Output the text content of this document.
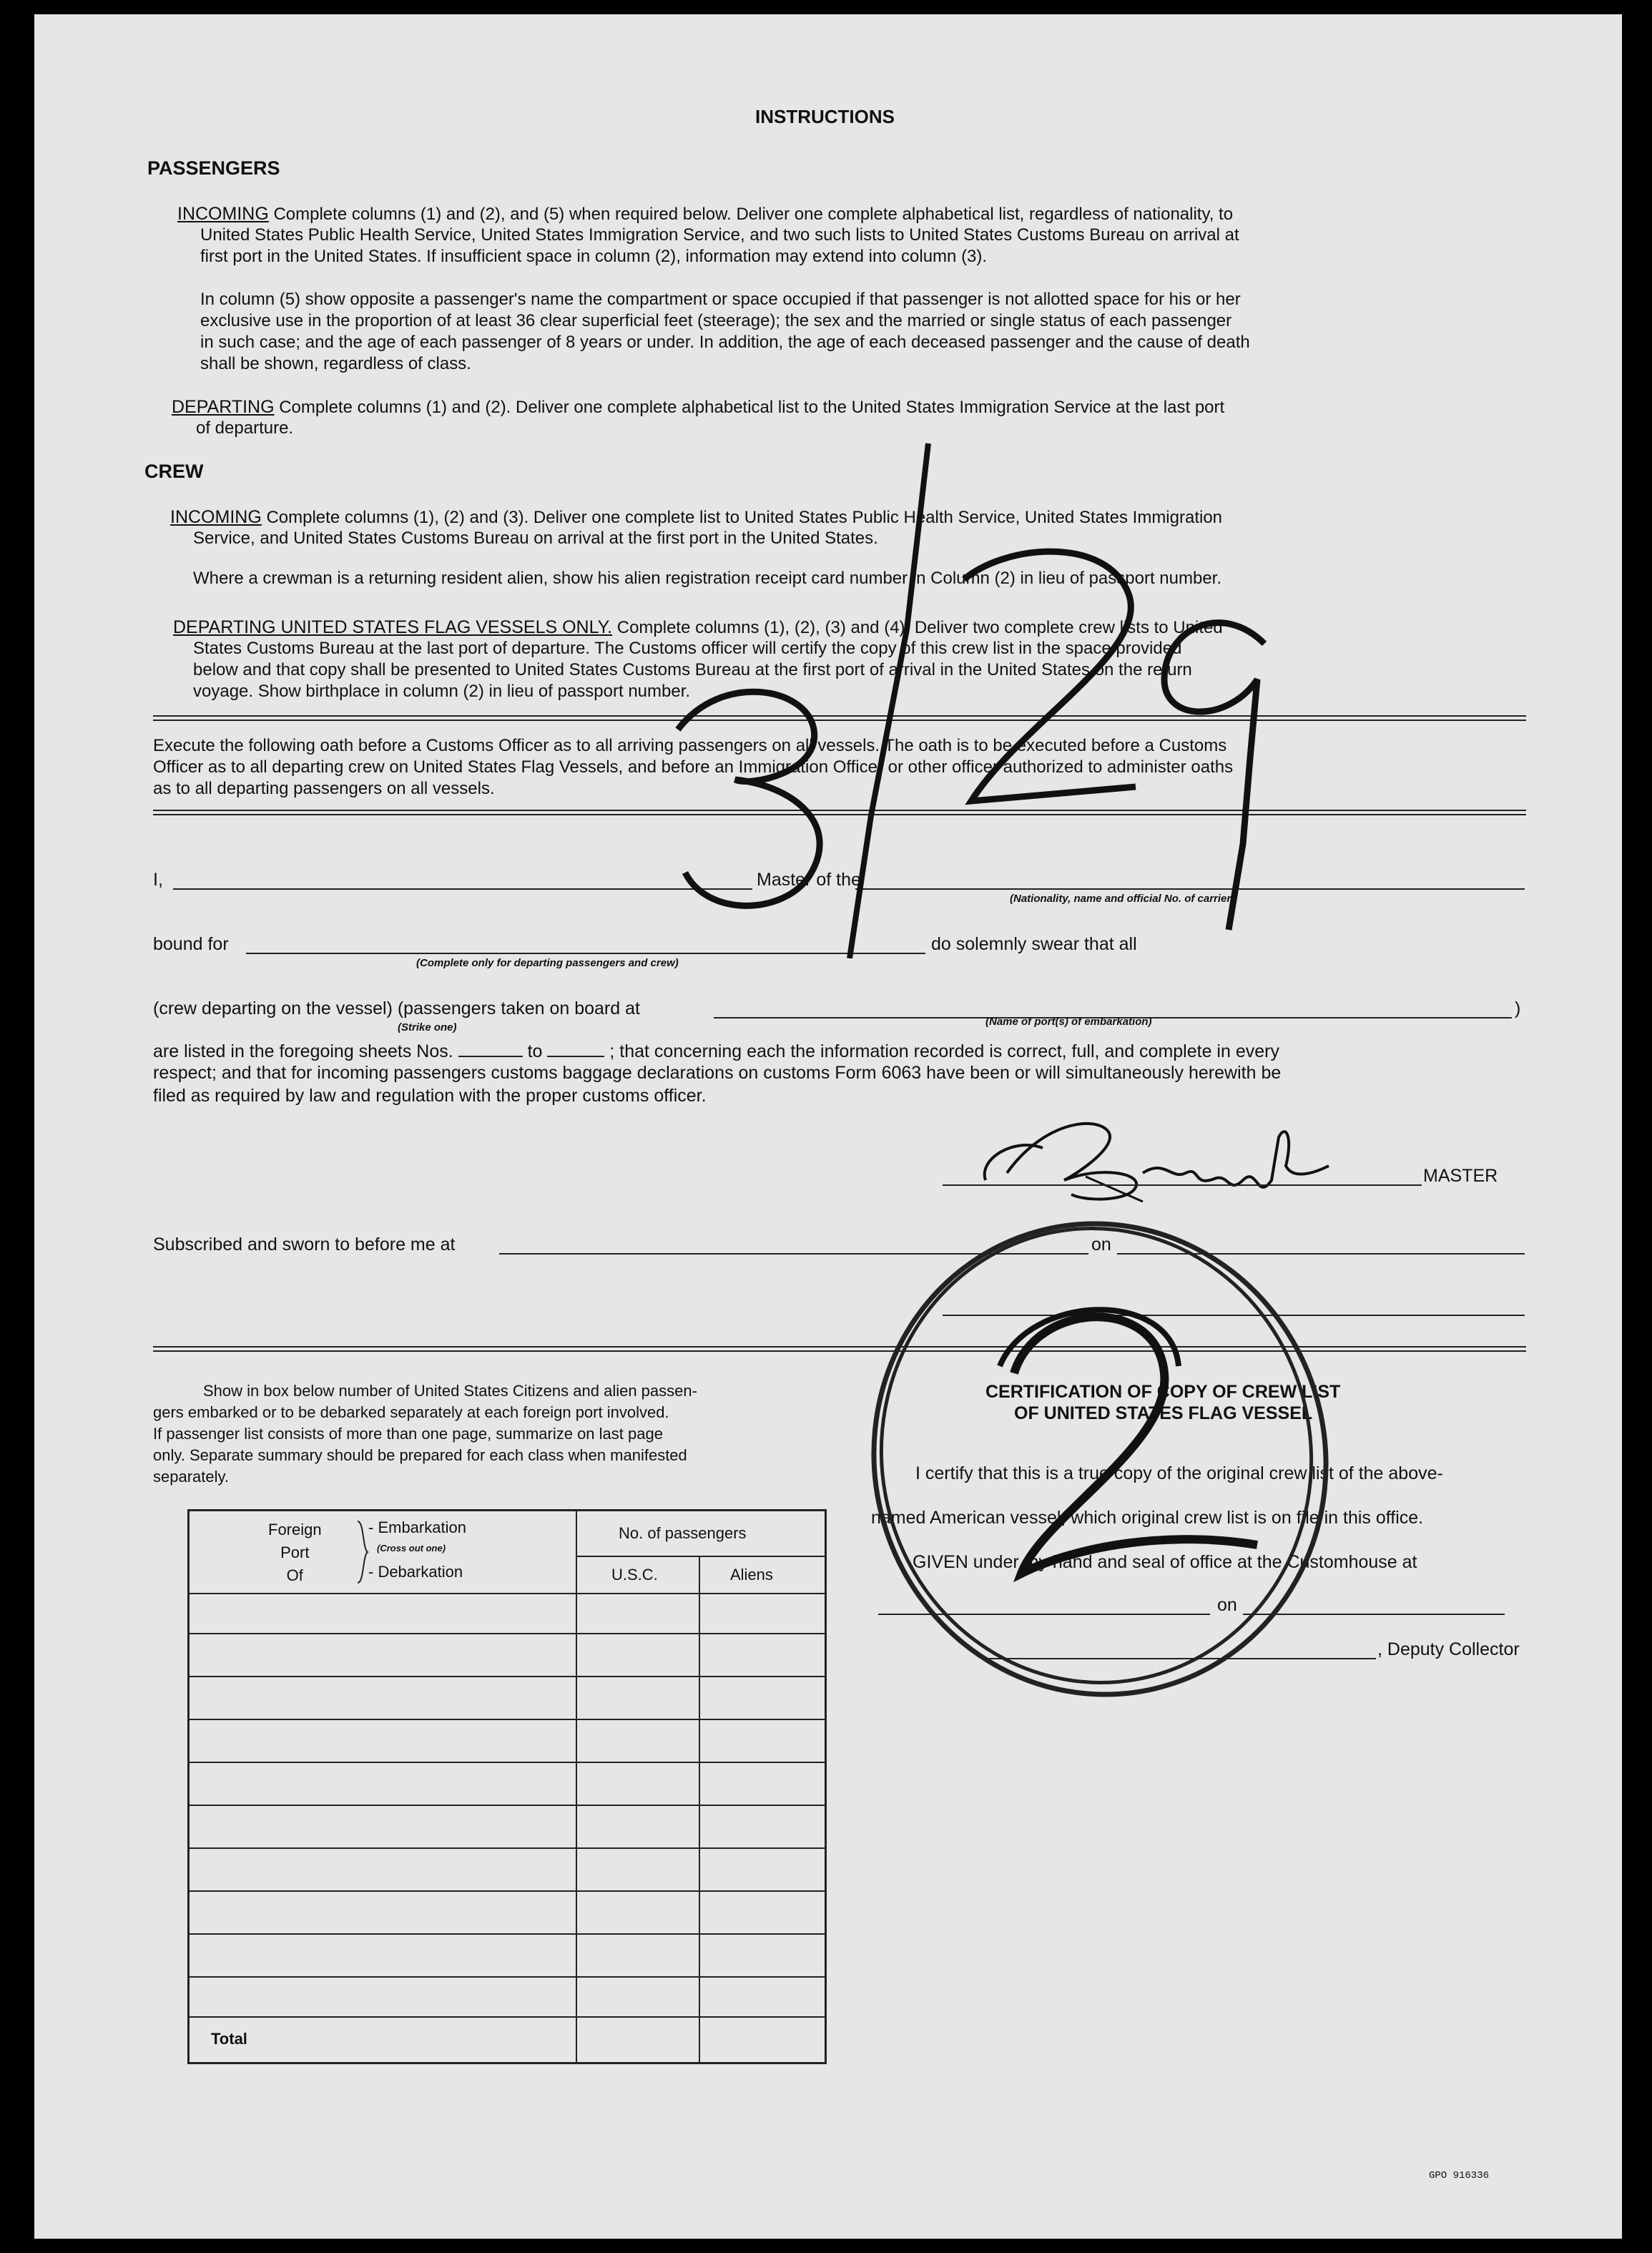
INSTRUCTIONS
PASSENGERS
INCOMING Complete columns (1) and (2), and (5) when required below. Deliver one complete alphabetical list, regardless of nationality, to
United States Public Health Service, United States Immigration Service, and two such lists to United States Customs Bureau on arrival at
first port in the United States. If insufficient space in column (2), information may extend into column (3).
In column (5) show opposite a passenger's name the compartment or space occupied if that passenger is not allotted space for his or her
exclusive use in the proportion of at least 36 clear superficial feet (steerage); the sex and the married or single status of each passenger
in such case; and the age of each passenger of 8 years or under. In addition, the age of each deceased passenger and the cause of death
shall be shown, regardless of class.
DEPARTING Complete columns (1) and (2). Deliver one complete alphabetical list to the United States Immigration Service at the last port
of departure.
CREW
INCOMING Complete columns (1), (2) and (3). Deliver one complete list to United States Public Health Service, United States Immigration
Service, and United States Customs Bureau on arrival at the first port in the United States.
Where a crewman is a returning resident alien, show his alien registration receipt card number in Column (2) in lieu of passport number.
DEPARTING UNITED STATES FLAG VESSELS ONLY. Complete columns (1), (2), (3) and (4). Deliver two complete crew lists to United
States Customs Bureau at the last port of departure. The Customs officer will certify the copy of this crew list in the space provided
below and that copy shall be presented to United States Customs Bureau at the first port of arrival in the United States on the return
voyage. Show birthplace in column (2) in lieu of passport number.
Execute the following oath before a Customs Officer as to all arriving passengers on all vessels. The oath is to be executed before a Customs
Officer as to all departing crew on United States Flag Vessels, and before an Immigration Officer or other officer authorized to administer oaths
as to all departing passengers on all vessels.
I,	Master of the
(Nationality, name and official No. of carrier)
bound for
(Complete only for departing passengers and crew)
do solemnly swear that all
(crew departing on the vessel) (passengers taken on board at	)
(Strike one)	(Name of port(s) of embarkation)
are listed in the foregoing sheets Nos.	to	; that concerning each the information recorded is correct, full, and complete in every
respect; and that for incoming passengers customs baggage declarations on customs Form 6063 have been or will simultaneously herewith be
filed as required by law and regulation with the proper customs officer.
MASTER
Subscribed and sworn to before me at	on
Show in box below number of United States Citizens and alien passen-
gers embarked or to be debarked separately at each foreign port involved.
If passenger list consists of more than one page, summarize on last page
only. Separate summary should be prepared for each class when manifested
separately.
Foreign
Port
Of
- Embarkation
(Cross out one)
- Debarkation
No. of passengers
U.S.C.	Aliens
Total
CERTIFICATION OF COPY OF CREW LIST
OF UNITED STATES FLAG VESSEL
I certify that this is a true copy of the original crew list of the above-
named American vessel, which original crew list is on file in this office.
GIVEN under my hand and seal of office at the Customhouse at
on
, Deputy Collector
GPO 916336
